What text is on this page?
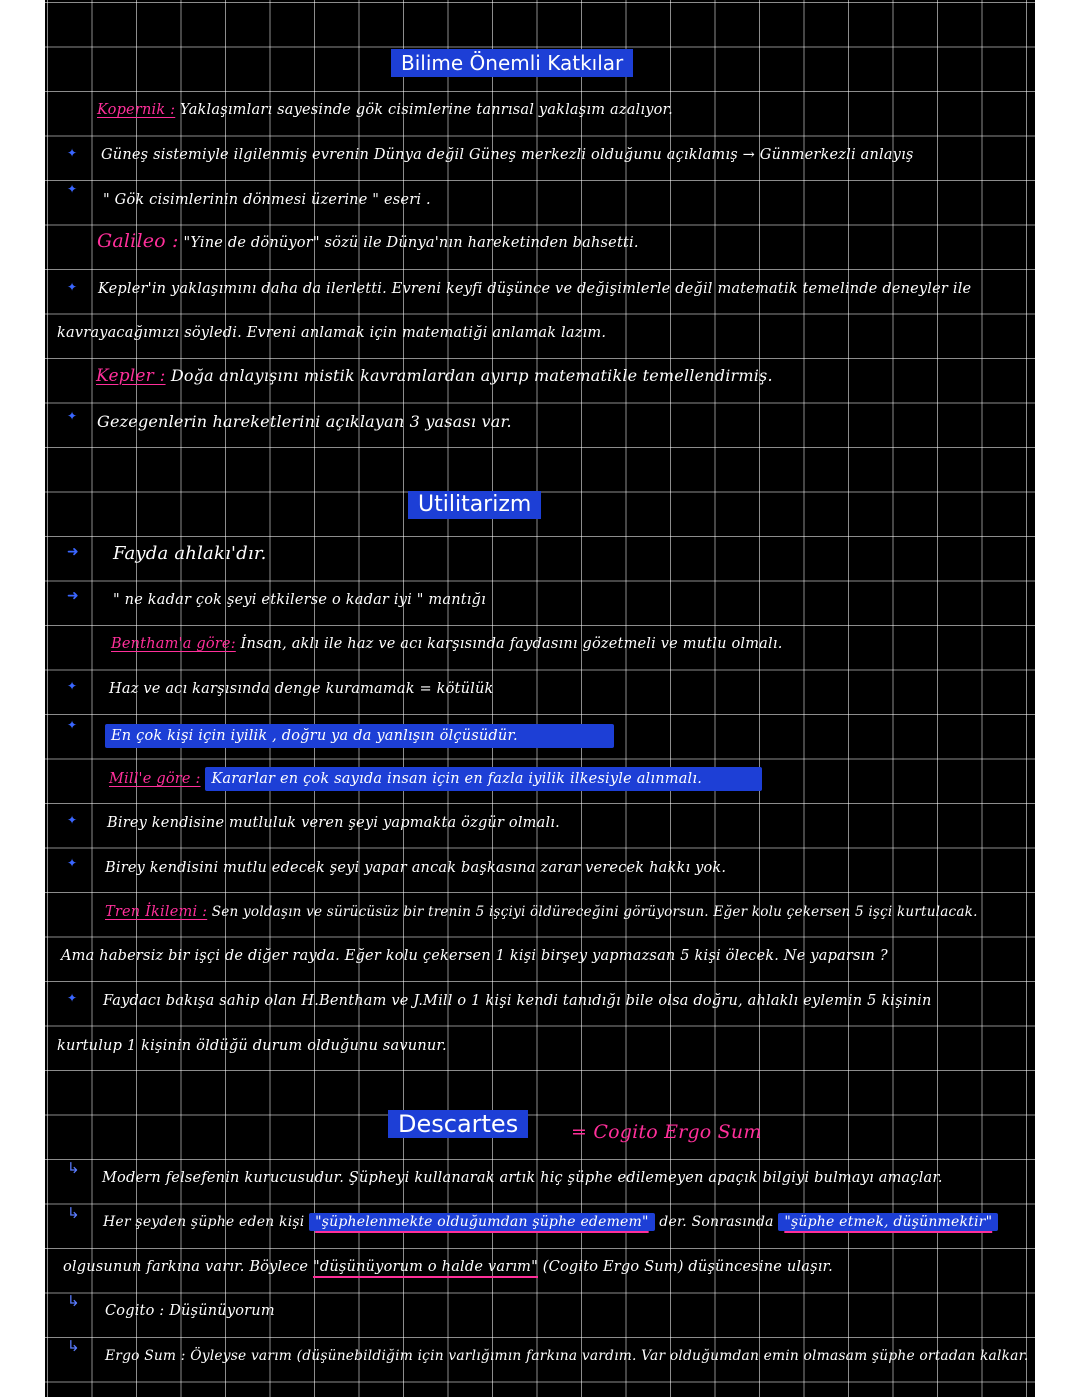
Bilime Önemli Katkılar
Kopernik : Yaklaşımları sayesinde gök cisimlerine tanrısal yaklaşım azalıyor.
✦ Güneş sistemiyle ilgilenmiş evrenin Dünya değil Güneş merkezli olduğunu açıklamış → Günmerkezli anlayış
✦
" Gök cisimlerinin dönmesi üzerine " eseri .
Galileo : "Yine de dönüyor" sözü ile Dünya'nın hareketinden bahsetti.
✦ Kepler'in yaklaşımını daha da ilerletti. Evreni keyfi düşünce ve değişimlerle değil matematik temelinde deneyler ile
kavrayacağımızı söyledi. Evreni anlamak için matematiği anlamak lazım.
Kepler : Doğa anlayışını mistik kavramlardan ayırıp matematikle temellendirmiş.
✦ Gezegenlerin hareketlerini açıklayan 3 yasası var.
Utilitarizm
➜ Fayda ahlakı'dır.
➜ " ne kadar çok şeyi etkilerse o kadar iyi " mantığı
Bentham'a göre: İnsan, aklı ile haz ve acı karşısında faydasını gözetmeli ve mutlu olmalı.
✦ Haz ve acı karşısında denge kuramamak = kötülük
✦
En çok kişi için iyilik , doğru ya da yanlışın ölçüsüdür.
Mill'e göre : Kararlar en çok sayıda insan için en fazla iyilik ilkesiyle alınmalı.
✦ Birey kendisine mutluluk veren şeyi yapmakta özgür olmalı.
✦ Birey kendisini mutlu edecek şeyi yapar ancak başkasına zarar verecek hakkı yok.
Tren İkilemi : Sen yoldaşın ve sürücüsüz bir trenin 5 işçiyi öldüreceğini görüyorsun. Eğer kolu çekersen 5 işçi kurtulacak.
Ama habersiz bir işçi de diğer rayda. Eğer kolu çekersen 1 kişi birşey yapmazsan 5 kişi ölecek. Ne yaparsın ?
✦ Faydacı bakışa sahip olan H.Bentham ve J.Mill o 1 kişi kendi tanıdığı bile olsa doğru, ahlaklı eylemin 5 kişinin
kurtulup 1 kişinin öldüğü durum olduğunu savunur.
Descartes	= Cogito Ergo Sum
↳
Modern felsefenin kurucusudur. Şüpheyi kullanarak artık hiç şüphe edilemeyen apaçık bilgiyi bulmayı amaçlar.
↳ Her şeyden şüphe eden kişi "şüphelenmekte olduğumdan şüphe edemem" der. Sonrasında "şüphe etmek, düşünmektir"
olgusunun farkına varır. Böylece "düşünüyorum o halde varım" (Cogito Ergo Sum) düşüncesine ulaşır.
↳
Cogito : Düşünüyorum
↳
Ergo Sum : Öyleyse varım (düşünebildiğim için varlığımın farkına vardım. Var olduğumdan emin olmasam şüphe ortadan kalkar.
